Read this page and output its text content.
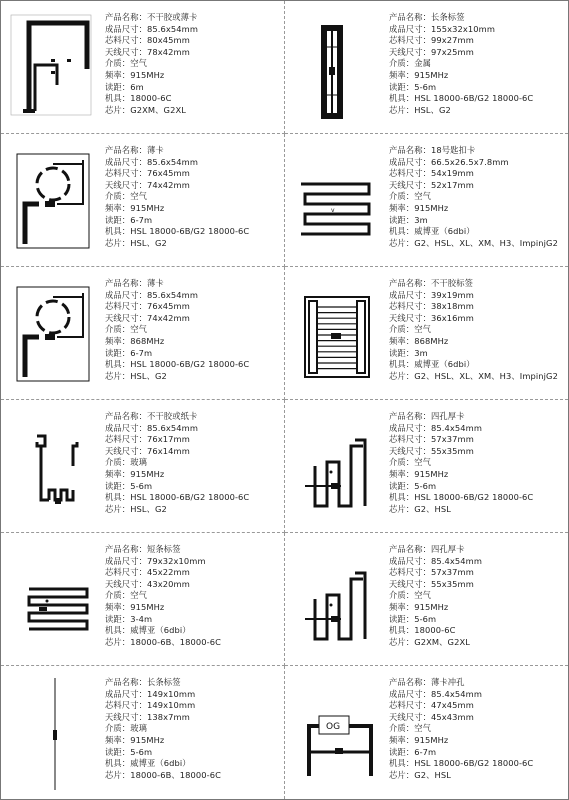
ᴚ
产品名称：不干胶或薄卡
成品尺寸：85.6x54mm
芯料尺寸：80x45mm
天线尺寸：78x42mm
介质：空气
频率：915MHz
读距：6m
机具：18000-6C
芯片：G2XM、G2XL
产品名称：长条标签
成品尺寸：155x32x10mm
芯料尺寸：99x27mm
天线尺寸：97x25mm
介质：金属
频率：915MHz
读距：5-6m
机具：HSL 18000-6B/G2 18000-6C
芯片：HSL、G2
17
产品名称：薄卡
成品尺寸：85.6x54mm
芯料尺寸：76x45mm
天线尺寸：74x42mm
介质：空气
频率：915MHz
读距：6-7m
机具：HSL 18000-6B/G2 18000-6C
芯片：HSL、G2
v
产品名称：18号匙扣卡
成品尺寸：66.5x26.5x7.8mm
芯料尺寸：54x19mm
天线尺寸：52x17mm
介质：空气
频率：915MHz
读距：3m
机具：威博亚（6dbi）
芯片：G2、HSL、XL、XM、H3、ImpinjG2
868
产品名称：薄卡
成品尺寸：85.6x54mm
芯料尺寸：76x45mm
天线尺寸：74x42mm
介质：空气
频率：868MHz
读距：6-7m
机具：HSL 18000-6B/G2 18000-6C
芯片：HSL、G2
产品名称：不干胶标签
成品尺寸：39x19mm
芯料尺寸：38x18mm
天线尺寸：36x16mm
介质：空气
频率：868MHz
读距：3m
机具：威博亚（6dbi）
芯片：G2、HSL、XL、XM、H3、ImpinjG2
产品名称：不干胶或纸卡
成品尺寸：85.6x54mm
芯料尺寸：76x17mm
天线尺寸：76x14mm
介质：玻璃
频率：915MHz
读距：5-6m
机具：HSL 18000-6B/G2 18000-6C
芯片：HSL、G2
产品名称：四孔厚卡
成品尺寸：85.4x54mm
芯料尺寸：57x37mm
天线尺寸：55x35mm
介质：空气
频率：915MHz
读距：5-6m
机具：HSL 18000-6B/G2 18000-6C
芯片：G2、HSL
产品名称：短条标签
成品尺寸：79x32x10mm
芯料尺寸：45x22mm
天线尺寸：43x20mm
介质：空气
频率：915MHz
读距：3-4m
机具：威博亚（6dbi）
芯片：18000-6B、18000-6C
产品名称：四孔厚卡
成品尺寸：85.4x54mm
芯料尺寸：57x37mm
天线尺寸：55x35mm
介质：空气
频率：915MHz
读距：5-6m
机具：18000-6C
芯片：G2XM、G2XL
产品名称：长条标签
成品尺寸：149x10mm
芯料尺寸：149x10mm
天线尺寸：138x7mm
介质：玻璃
频率：915MHz
读距：5-6m
机具：威博亚（6dbi）
芯片：18000-6B、18000-6C
OG
产品名称：薄卡冲孔
成品尺寸：85.4x54mm
芯料尺寸：47x45mm
天线尺寸：45x43mm
介质：空气
频率：915MHz
读距：6-7m
机具：HSL 18000-6B/G2 18000-6C
芯片：G2、HSL
